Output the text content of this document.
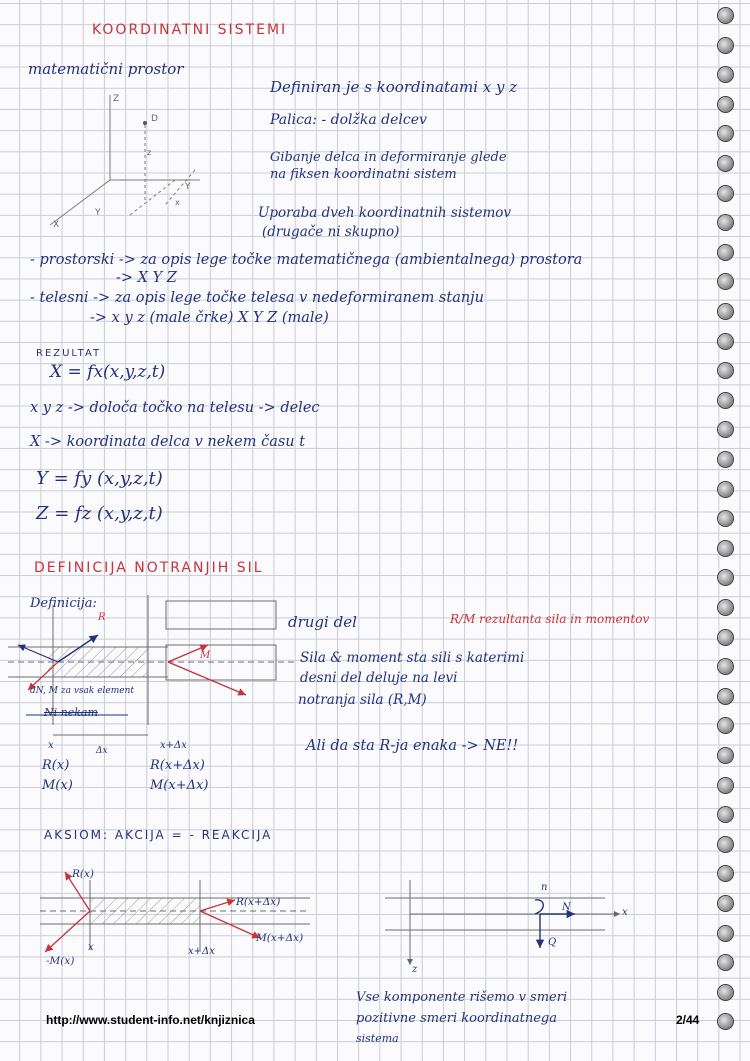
KOORDINATNI SISTEMI
matematični prostor
Z
D
z
Y
Y
X
x
Definiran je s koordinatami x y z
Palica: - dolžka delcev
Gibanje delca in deformiranje glede
na fiksen koordinatni sistem
Uporaba dveh koordinatnih sistemov
(drugače ni skupno)
- prostorski -> za opis lege točke matematičnega (ambientalnega) prostora
-> X Y Z
- telesni -> za opis lege točke telesa v nedeformiranem stanju
-> x y z (male črke) X Y Z (male)
REZULTAT
X = fx(x,y,z,t)
x y z -> določa točko na telesu -> delec
X -> koordinata delca v nekem času t
Y = fy (x,y,z,t)
Z = fz (x,y,z,t)
DEFINICIJA NOTRANJIH SIL
Definicija:
R
M
dN, M za vsak element
Ni nekam
x	Δx	x+Δx
R(x)
M(x)
R(x+Δx)
M(x+Δx)
drugi del	R/M rezultanta sila in momentov
Sila & moment sta sili s katerimi
desni del deluje na levi
notranja sila (R,M)
Ali da sta R-ja enaka -> NE!!
AKSIOM: AKCIJA = - REAKCIJA
R(x)
-M(x)
R(x+Δx)
M(x+Δx)
x	x+Δx
n
N
Q
z
x
Vse komponente rišemo v smeri
pozitivne smeri koordinatnega
sistema
http://www.student-info.net/knjiznica	2/44
